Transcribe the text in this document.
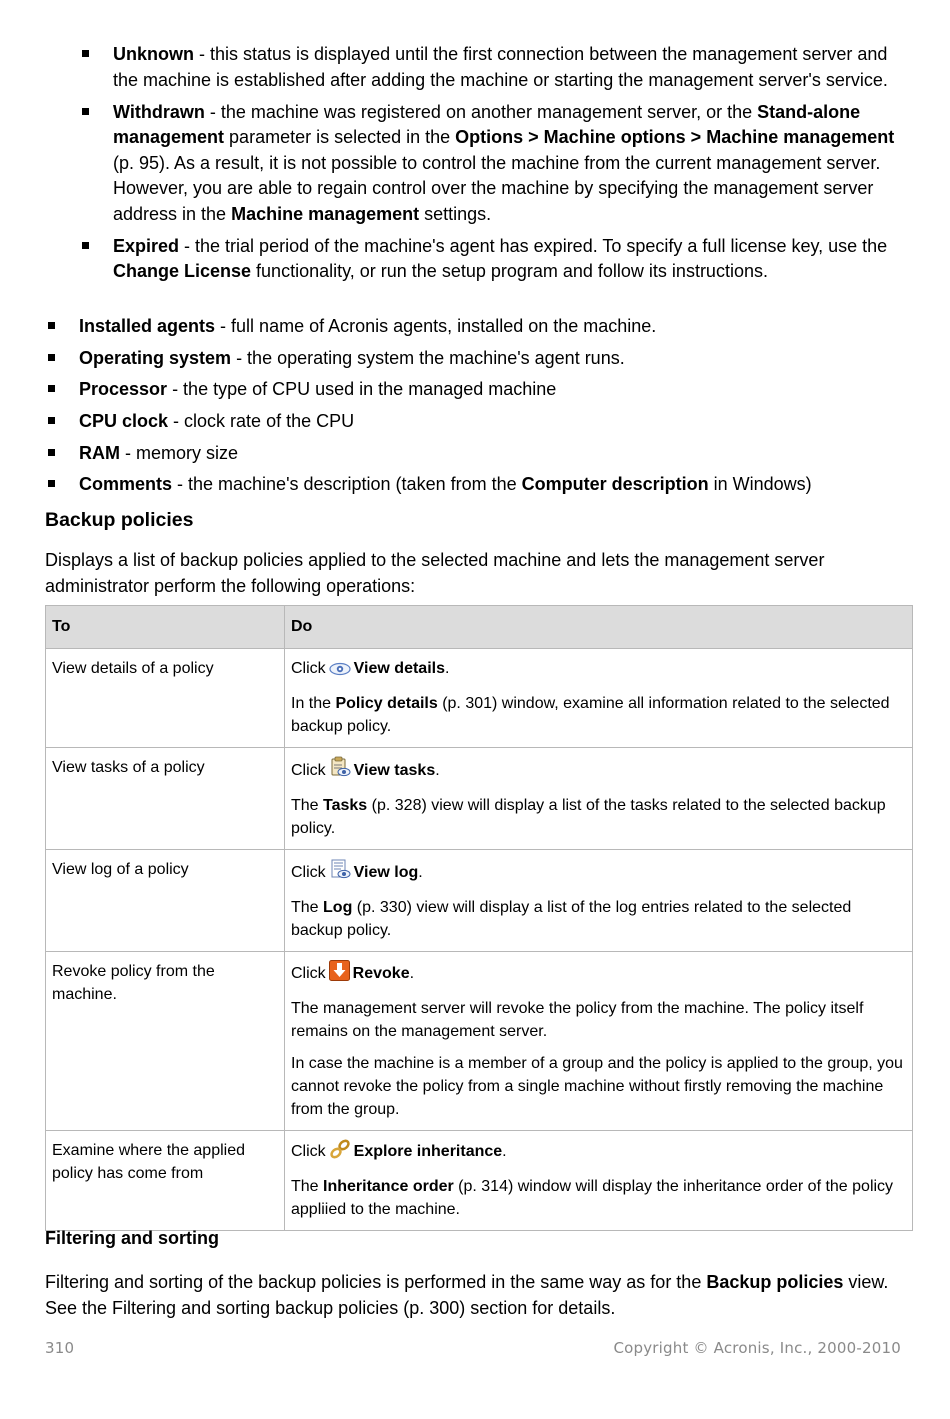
Unknown - this status is displayed until the first connection between the management server and the machine is established after adding the machine or starting the management server's service.
Withdrawn - the machine was registered on another management server, or the Stand-alone management parameter is selected in the Options > Machine options > Machine management (p. 95). As a result, it is not possible to control the machine from the current management server. However, you are able to regain control over the machine by specifying the management server address in the Machine management settings.
Expired - the trial period of the machine's agent has expired. To specify a full license key, use the Change License functionality, or run the setup program and follow its instructions.
Installed agents - full name of Acronis agents, installed on the machine.
Operating system - the operating system the machine's agent runs.
Processor - the type of CPU used in the managed machine
CPU clock - clock rate of the CPU
RAM - memory size
Comments - the machine's description (taken from the Computer description in Windows)
Backup policies
Displays a list of backup policies applied to the selected machine and lets the management server administrator perform the following operations:
To	Do
View details of a policy	Click View details.

In the Policy details (p. 301) window, examine all information related to the selected backup policy.

View tasks of a policy	Click View tasks.

The Tasks (p. 328) view will display a list of the tasks related to the selected backup policy.

View log of a policy	Click View log.

The Log (p. 330) view will display a list of the log entries related to the selected backup policy.

Revoke policy from the machine.	Click Revoke.

The management server will revoke the policy from the machine. The policy itself remains on the management server.

In case the machine is a member of a group and the policy is applied to the group, you cannot revoke the policy from a single machine without firstly removing the machine from the group.

Examine where the applied policy has come from	Click Explore inheritance.

The Inheritance order (p. 314) window will display the inheritance order of the policy appliied to the machine.

Filtering and sorting
Filtering and sorting of the backup policies is performed in the same way as for the Backup policies view. See the Filtering and sorting backup policies (p. 300) section for details.
310	Copyright © Acronis, Inc., 2000-2010
